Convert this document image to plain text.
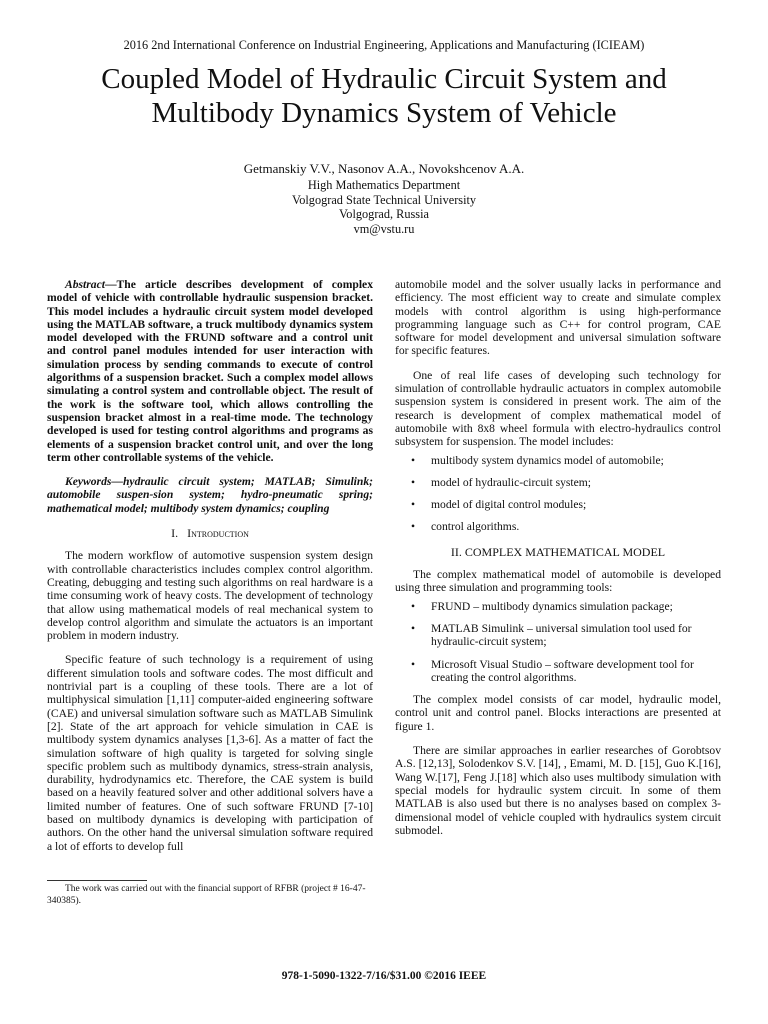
2016 2nd International Conference on Industrial Engineering, Applications and Manufacturing (ICIEAM)
Coupled Model of Hydraulic Circuit System and
Multibody Dynamics System of Vehicle
Getmanskiy V.V., Nasonov A.A., Novokshcenov A.A.
High Mathematics Department
Volgograd State Technical University
Volgograd, Russia
vm@vstu.ru

Abstract—The article describes development of complex model of vehicle with controllable hydraulic suspension bracket. This model includes a hydraulic circuit system model developed using the MATLAB software, a truck multibody dynamics system model developed with the FRUND software and a control unit and control panel modules intended for user interaction with simulation process by sending commands to execute of control algorithms of a suspension bracket. Such a complex model allows simulating a control system and controllable object. The result of the work is the software tool, which allows controlling the suspension bracket almost in a real-time mode. The technology developed is used for testing control algorithms and programs as elements of a suspension bracket control unit, and over the long term other controllable systems of the vehicle.

Keywords—hydraulic circuit system; MATLAB; Simulink; automobile suspen-sion system; hydro-pneumatic spring; mathematical model; multibody system dynamics; coupling

I. Introduction

The modern workflow of automotive suspension system design with controllable characteristics includes complex control algorithm. Creating, debugging and testing such algorithms on real hardware is a time consuming work of heavy costs. The development of technology that allow using mathematical models of real mechanical system to develop control algorithm and simulate the actuators is an important problem in modern industry.

Specific feature of such technology is a requirement of using different simulation tools and software codes. The most difficult and nontrivial part is a coupling of these tools. There are a lot of multiphysical simulation [1,11] computer-aided engineering software (CAE) and universal simulation software such as MATLAB Simulink [2]. State of the art approach for vehicle simulation in CAE is multibody system dynamics analyses [1,3-6]. As a matter of fact the simulation software of high quality is targeted for solving single specific problem such as multibody dynamics, stress-strain analysis, durability, hydrodynamics etc. Therefore, the CAE system is build based on a heavily featured solver and other additional solvers have a limited number of features. One of such software FRUND [7-10] based on multibody dynamics is developing with participation of authors. On the other hand the universal simulation software required a lot of efforts to develop full

automobile model and the solver usually lacks in performance and efficiency. The most efficient way to create and simulate complex models with control algorithm is using high-performance programming language such as C++ for control program, CAE software for model development and universal simulation software for specific features.

One of real life cases of developing such technology for simulation of controllable hydraulic actuators in complex automobile suspension system is considered in present work. The aim of the research is development of complex mathematical model of automobile with 8x8 wheel formula with electro-hydraulics control subsystem for suspension. The model includes:

• multibody system dynamics model of automobile;
• model of hydraulic-circuit system;
• model of digital control modules;
• control algorithms.

II. COMPLEX MATHEMATICAL MODEL

The complex mathematical model of automobile is developed using three simulation and programming tools:

• FRUND – multibody dynamics simulation package;
• MATLAB Simulink – universal simulation tool used for hydraulic-circuit system;
• Microsoft Visual Studio – software development tool for creating the control algorithms.

The complex model consists of car model, hydraulic model, control unit and control panel. Blocks interactions are presented at figure 1.

There are similar approaches in earlier researches of Gorobtsov A.S. [12,13], Solodenkov S.V. [14], , Emami, M. D. [15], Guo K.[16], Wang W.[17], Feng J.[18] which also uses multibody simulation with special models for hydraulic system circuit. In some of them MATLAB is also used but there is no analyses based on complex 3-dimensional model of vehicle coupled with hydraulics system circuit submodel.

The work was carried out with the financial support of RFBR (project # 16-47-340385).
978-1-5090-1322-7/16/$31.00 ©2016 IEEE
